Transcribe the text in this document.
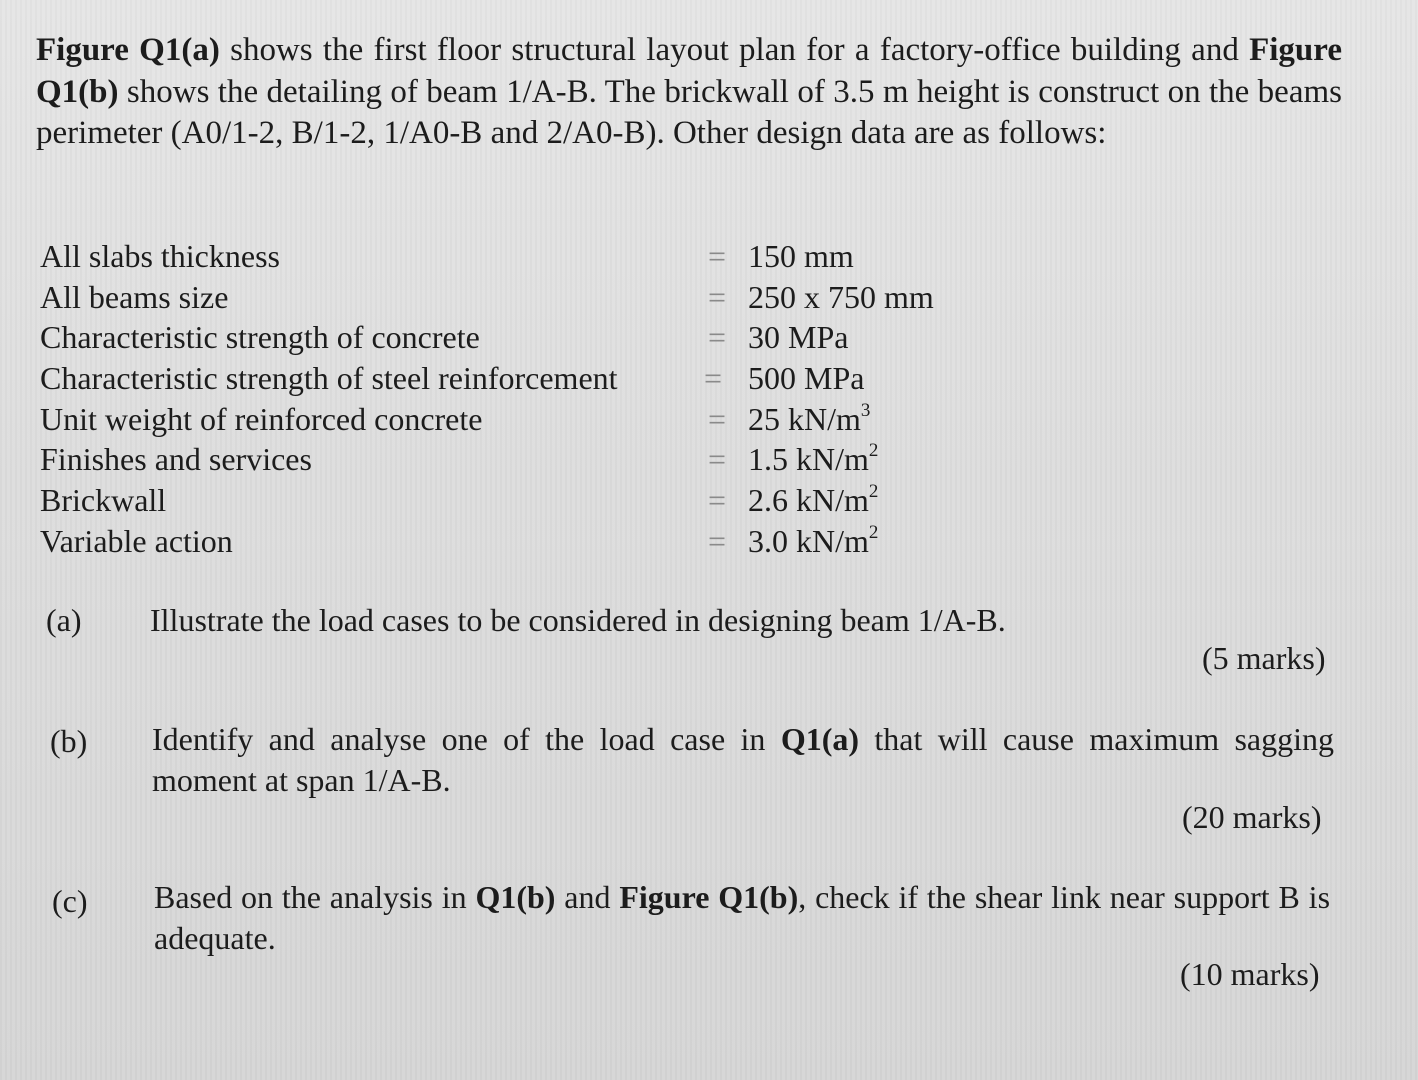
Figure Q1(a) shows the first floor structural layout plan for a factory-office building and Figure Q1(b) shows the detailing of beam 1/A-B. The brickwall of 3.5 m height is construct on the beams perimeter (A0/1-2, B/1-2, 1/A0-B and 2/A0-B). Other design data are as follows:

All slabs thickness	= 150 mm
All beams size	= 250 x 750 mm
Characteristic strength of concrete	= 30 MPa
Characteristic strength of steel reinforcement	= 500 MPa
Unit weight of reinforced concrete	= 25 $kN/m^3$
Finishes and services	= 1.5 $kN/m^2$
Brickwall	= 2.6 $kN/m^2$
Variable action	= 3.0 $kN/m^2$
(a) Illustrate the load cases to be considered in designing beam 1/A-B.
(5 marks)
(b) Identify and analyse one of the load case in Q1(a) that will cause maximum sagging moment at span 1/A-B.
(20 marks)
(c) Based on the analysis in Q1(b) and Figure Q1(b), check if the shear link near support B is adequate.
(10 marks)
